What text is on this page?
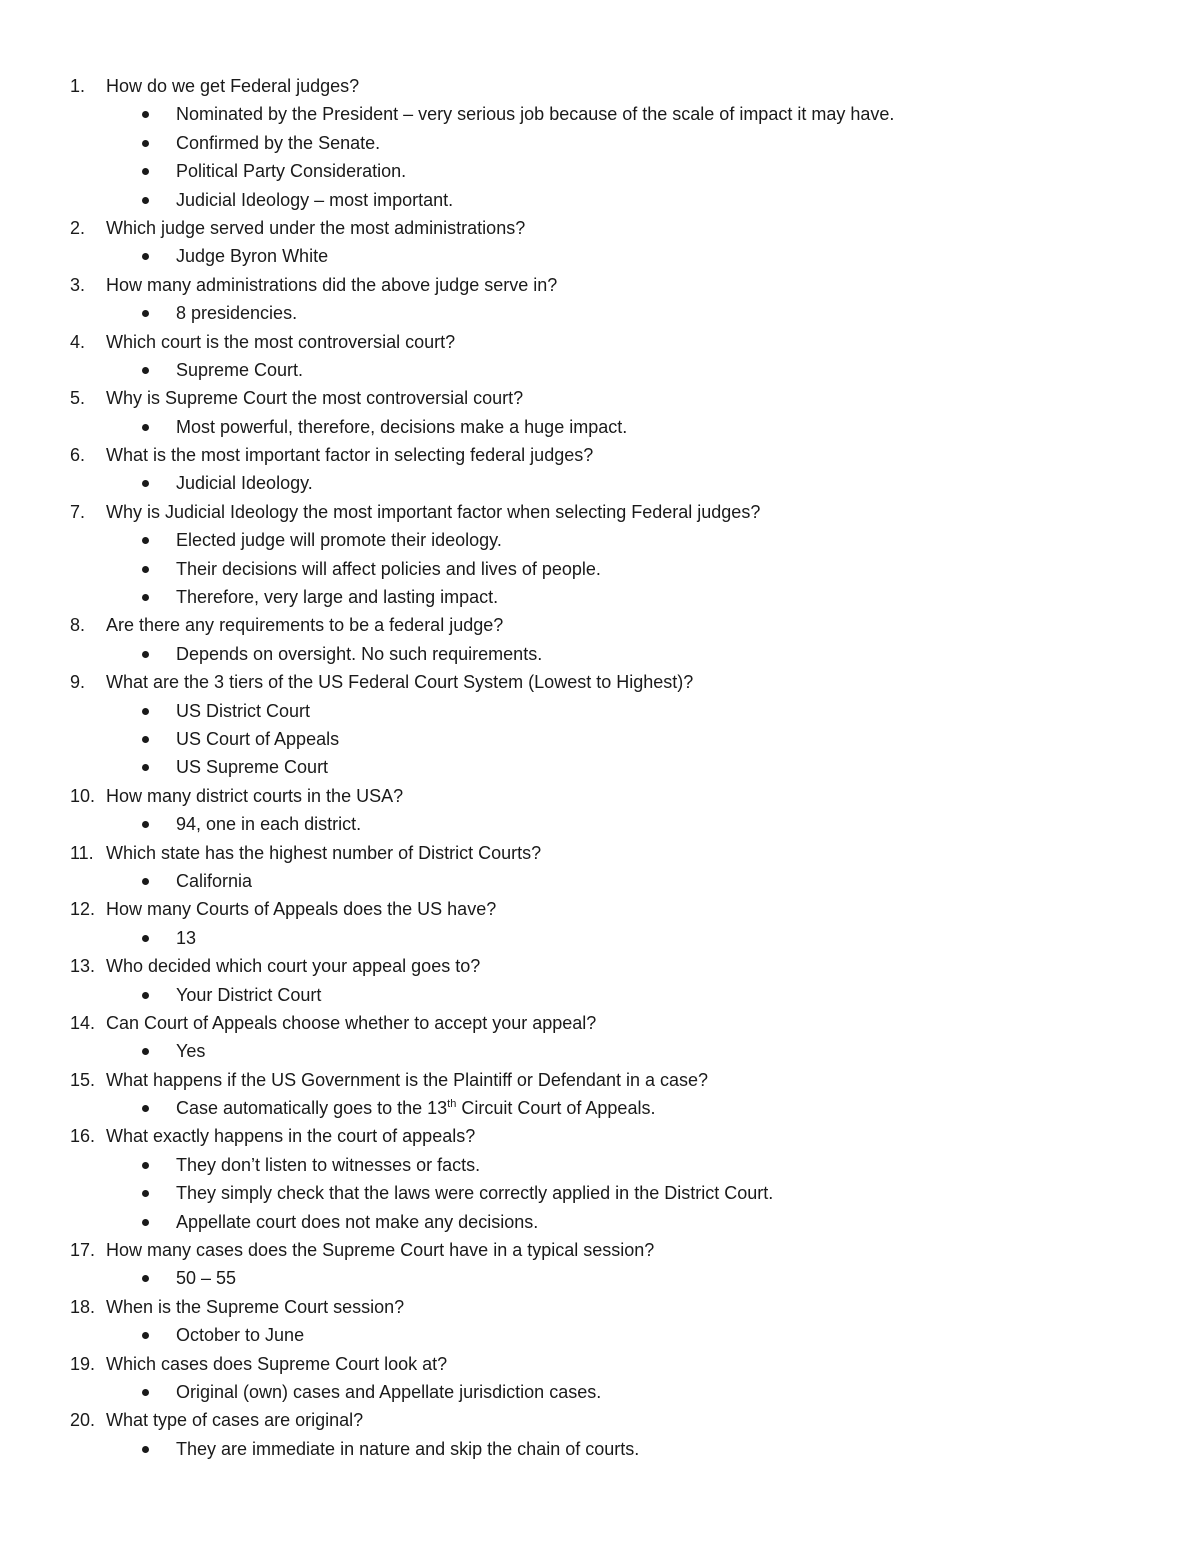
1.	How do we get Federal judges?
Nominated by the President – very serious job because of the scale of impact it may have.
Confirmed by the Senate.
Political Party Consideration.
Judicial Ideology – most important.
2.	Which judge served under the most administrations?
Judge Byron White
3.	How many administrations did the above judge serve in?
8 presidencies.
4.	Which court is the most controversial court?
Supreme Court.
5.	Why is Supreme Court the most controversial court?
Most powerful, therefore, decisions make a huge impact.
6.	What is the most important factor in selecting federal judges?
Judicial Ideology.
7.	Why is Judicial Ideology the most important factor when selecting Federal judges?
Elected judge will promote their ideology.
Their decisions will affect policies and lives of people.
Therefore, very large and lasting impact.
8.	Are there any requirements to be a federal judge?
Depends on oversight. No such requirements.
9.	What are the 3 tiers of the US Federal Court System (Lowest to Highest)?
US District Court
US Court of Appeals
US Supreme Court
10. How many district courts in the USA?
94, one in each district.
11. Which state has the highest number of District Courts?
California
12. How many Courts of Appeals does the US have?
13
13. Who decided which court your appeal goes to?
Your District Court
14. Can Court of Appeals choose whether to accept your appeal?
Yes
15. What happens if the US Government is the Plaintiff or Defendant in a case?
Case automatically goes to the 13th Circuit Court of Appeals.
16. What exactly happens in the court of appeals?
They don’t listen to witnesses or facts.
They simply check that the laws were correctly applied in the District Court.
Appellate court does not make any decisions.
17. How many cases does the Supreme Court have in a typical session?
50 – 55
18. When is the Supreme Court session?
October to June
19. Which cases does Supreme Court look at?
Original (own) cases and Appellate jurisdiction cases.
20. What type of cases are original?
They are immediate in nature and skip the chain of courts.
